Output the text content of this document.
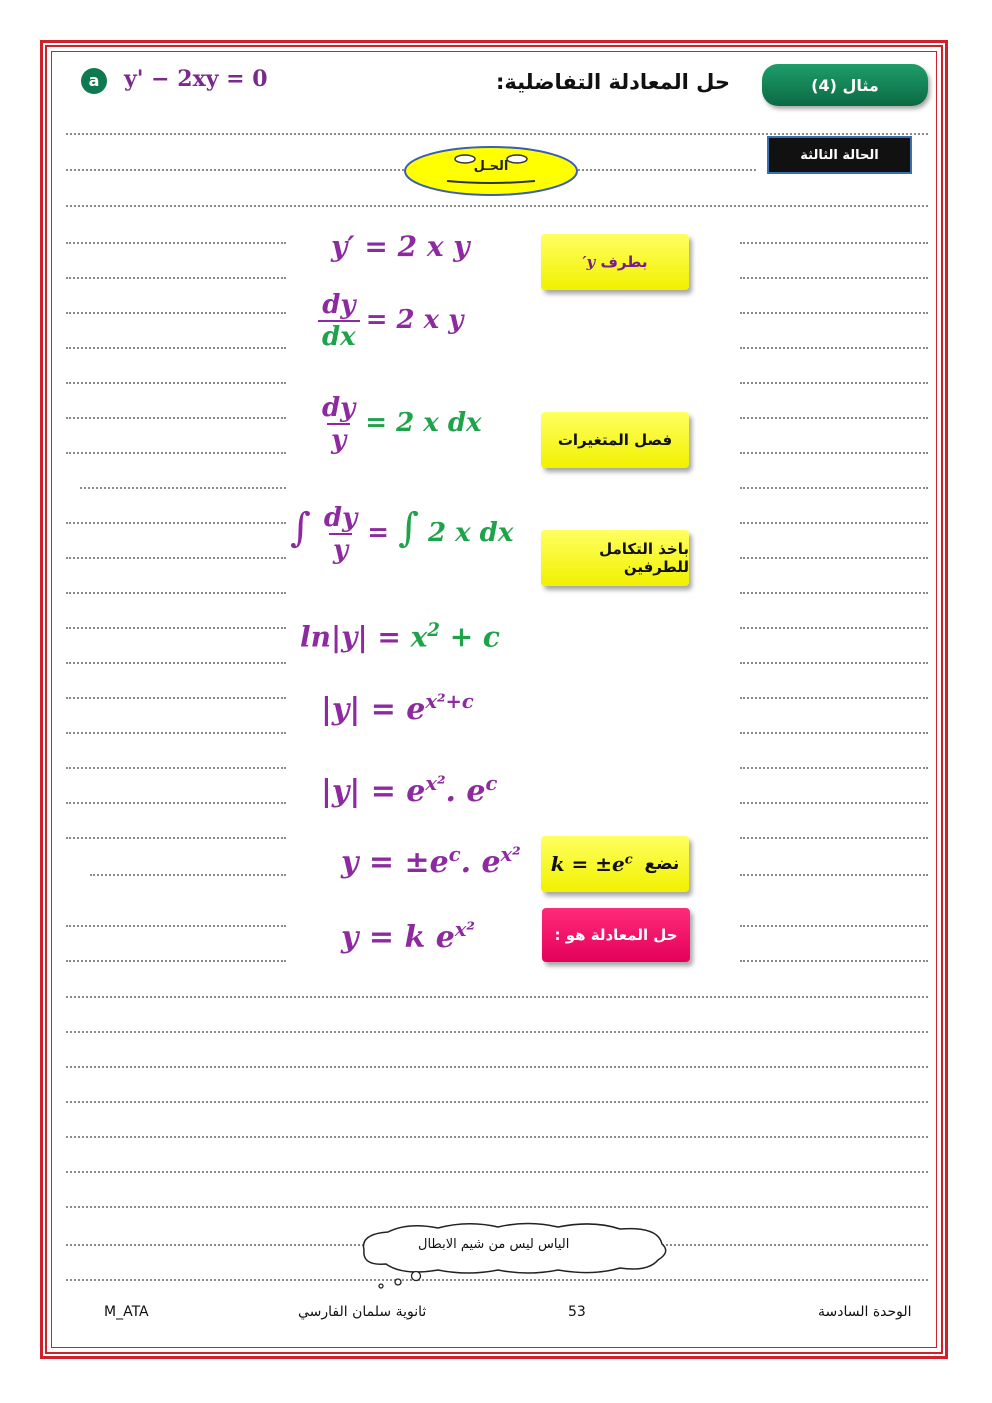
a	y' − 2xy = 0	حل المعادلة التفاضلية:	مثال (4)
الحالة الثالثة
الحـل
y′ = 2 x y
$\frac{dy}{dx} = 2$ x y
$\frac{dy}{y} = 2$ x dx
∫ $\frac{dy}{y}$ = ∫ 2 x dx
$\ln|y| = x^2 + c$
$|y| = e^{x^2+c}$
$|y| = e^{x^2}$. $e^c$
$y = \pm e^c$. $e^{x^2}$
y = k $e^{x^2}$
بطرف

y′
فصل المتغيرات
باخذ التكامل للطرفين
$k = \pm e^c$
نضع
حل المعادلة هو :
الياس ليس من شيم الابطال
الوحدة السادسة
53
ثانوية سلمان الفارسي
M_ATA
